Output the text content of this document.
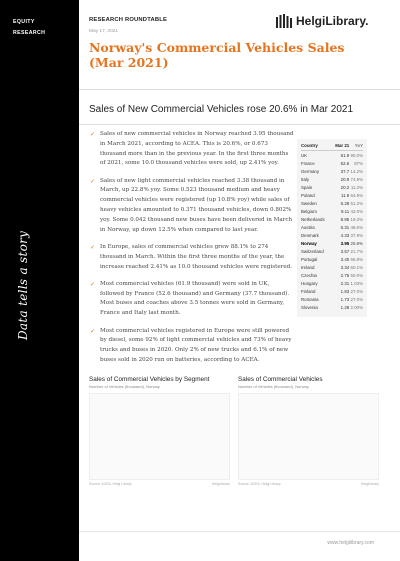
EQUITY
RESEARCH
Data tells a story
RESEARCH ROUNDTABLE
May 17, 2021
HelgiLibrary.
Norway's Commercial Vehicles Sales (Mar 2021)
Sales of New Commercial Vehicles rose 20.6% in Mar 2021
✓ Sales of new commercial vehicles in Norway reached 3.95 thousand in March 2021, according to ACEA. This is 20.6%, or 0.673 thousand more than in the previous year. In the first three months of 2021, some 10.0 thousand vehicles were sold, up 2.41% yoy.
✓ Sales of new light commercial vehicles reached 3.38 thousand in March, up 22.8% yoy. Some 0.523 thousand medium and heavy commercial vehicles were registered (up 10.8% yoy) while sales of heavy vehicles amounted to 0.371 thousand vehicles, down 0.802% yoy. Some 0.042 thousand new buses have been delivered in March in Norway, up down 12.5% when compared to last year.
✓ In Europe, sales of commercial vehicles grew 88.1% to 274 thousand in March. Within the first three months of the year, the increase reached 2.41% as 10.0 thousand vehicles were registered.
✓ Most commercial vehicles (61.9 thousand) were sold in UK, followed by France (52.6 thousand) and Germany (37.7 thousand). Most buses and coaches above 3.5 tonnes were sold in Germany, France and Italy last month.
✓ Most commercial vehicles registered in Europe were still powered by diesel, some 92% of light commercial vehicles and 73% of heavy trucks and buses in 2020. Only 2% of new trucks and 6.1% of new buses sold in 2020 run on batteries, according to ACEA.
Country	Mar 21	YoY
UK	61.9 90.0%
France	52.6	87%
Germany	37.7 14.2%
Italy	20.9 74.9%
Spain	20.2 11.2%
Poland	11.9 64.9%
Sweden	6.28 61.2%
Belgium	9.11 42.0%
Netherlands	8.85 19.2%
Austria	6.31 48.6%
Denmark	4.33 37.9%
Norway	3.95 20.6%
Switzerland	3.57 21.7%
Portugal	3.40 66.8%
Ireland	3.34 60.1%
Czechia	2.75 50.0%
Hungary	2.31 1.03%
Finland	1.83 27.0%
Romania	1.73 27.0%
Slovenia	1.28 2.00%
Sales of Commercial Vehicles by Segment
Number of Vehicles (thousand), Norway
Source: ACEA, Helgi Library	HelgiLibrary
Sales of Commercial Vehicles
Number of Vehicles (thousand), Norway
Source: ACEA, Helgi Library	HelgiLibrary
www.helgilibrary.com
